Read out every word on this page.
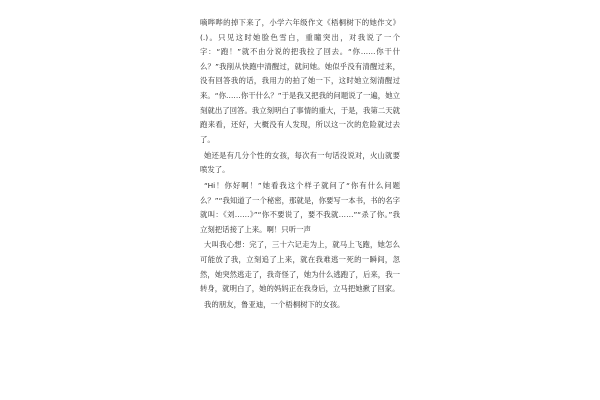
嘀哔哔的掉下来了，小学六年级作文《梧桐树下的她作文》(.)。只见这时她脸色雪白，重瞳突出，对我说了一个字：“跑！”就不由分说的把我拉了回去。“你……你干什么？”我削从快跑中清醒过，就问她。她似乎没有清醒过来，没有回答我的话，我用力的拍了她一下，这时她立刻清醒过来。“你……你干什么？”于是我又把我的问题说了一遍，她立刻就出了回答。我立刻明白了事情的重大，于是，我第二天就跑来看，还好，大概没有人发现，所以这一次的危险就过去了。

她还是有几分个性的女孩，每次有一句话没说对，火山就要喷发了。

“Hi！你好啊！”她看我这个样子就问了“你有什么问题么？”“我知道了一个秘密，那就是，你要写一本书，书的名字就叫：《刘……》”“你不要说了，要不我就……”“杀了你。”我立刻把话接了上来。啊！只听一声

大叫我心想：完了，三十六记走为上，就马上飞跑，她怎么可能放了我，立刻追了上来，就在我难逃一死的一瞬间，忽然，她突然逃走了，我奇怪了，她为什么逃跑了，后来，我一转身，就明白了，她的妈妈正在我身后，立马把她揪了回家。

我的朋友，鲁亚迪，一个梧桐树下的女孩。
